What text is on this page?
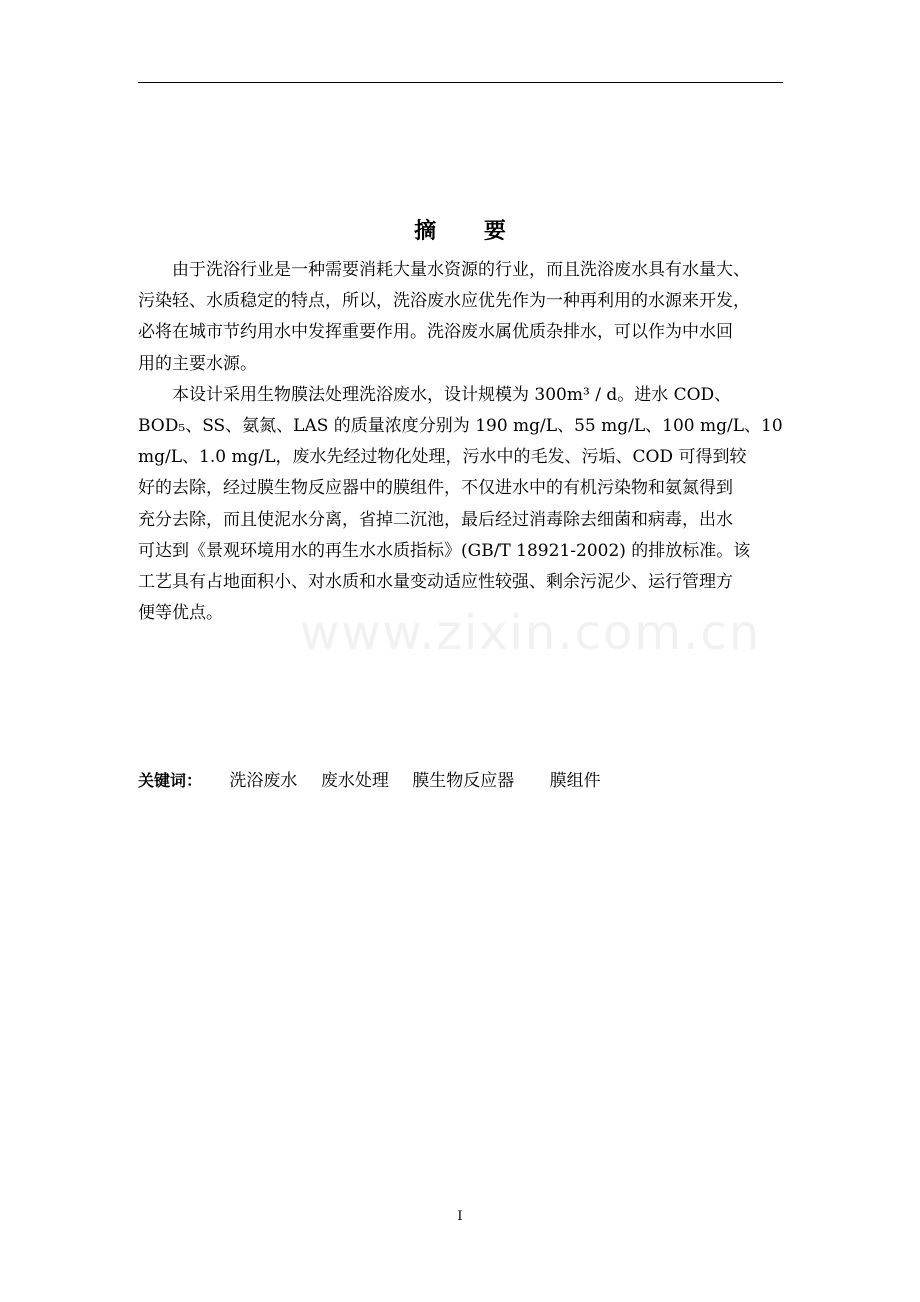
摘 要

由于洗浴行业是一种需要消耗大量水资源的行业，而且洗浴废水具有水量大、
污染轻、水质稳定的特点，所以，洗浴废水应优先作为一种再利用的水源来开发，
必将在城市节约用水中发挥重要作用。洗浴废水属优质杂排水，可以作为中水回
用的主要水源。

本设计采用生物膜法处理洗浴废水，设计规模为 300m³ / d。进水 COD、
BOD₅、SS、氨氮、LAS 的质量浓度分别为 190 mg/L、55 mg/L、100 mg/L、10
mg/L、1.0 mg/L，废水先经过物化处理，污水中的毛发、污垢、COD 可得到较
好的去除，经过膜生物反应器中的膜组件，不仅进水中的有机污染物和氨氮得到
充分去除，而且使泥水分离，省掉二沉池，最后经过消毒除去细菌和病毒，出水
可达到《景观环境用水的再生水水质指标》(GB/T 18921-2002) 的排放标准。该
工艺具有占地面积小、对水质和水量变动适应性较强、剩余污泥少、运行管理方
便等优点。	www.zixin.com.cn
关键词： 洗浴废水 废水处理 膜生物反应器 膜组件
I
